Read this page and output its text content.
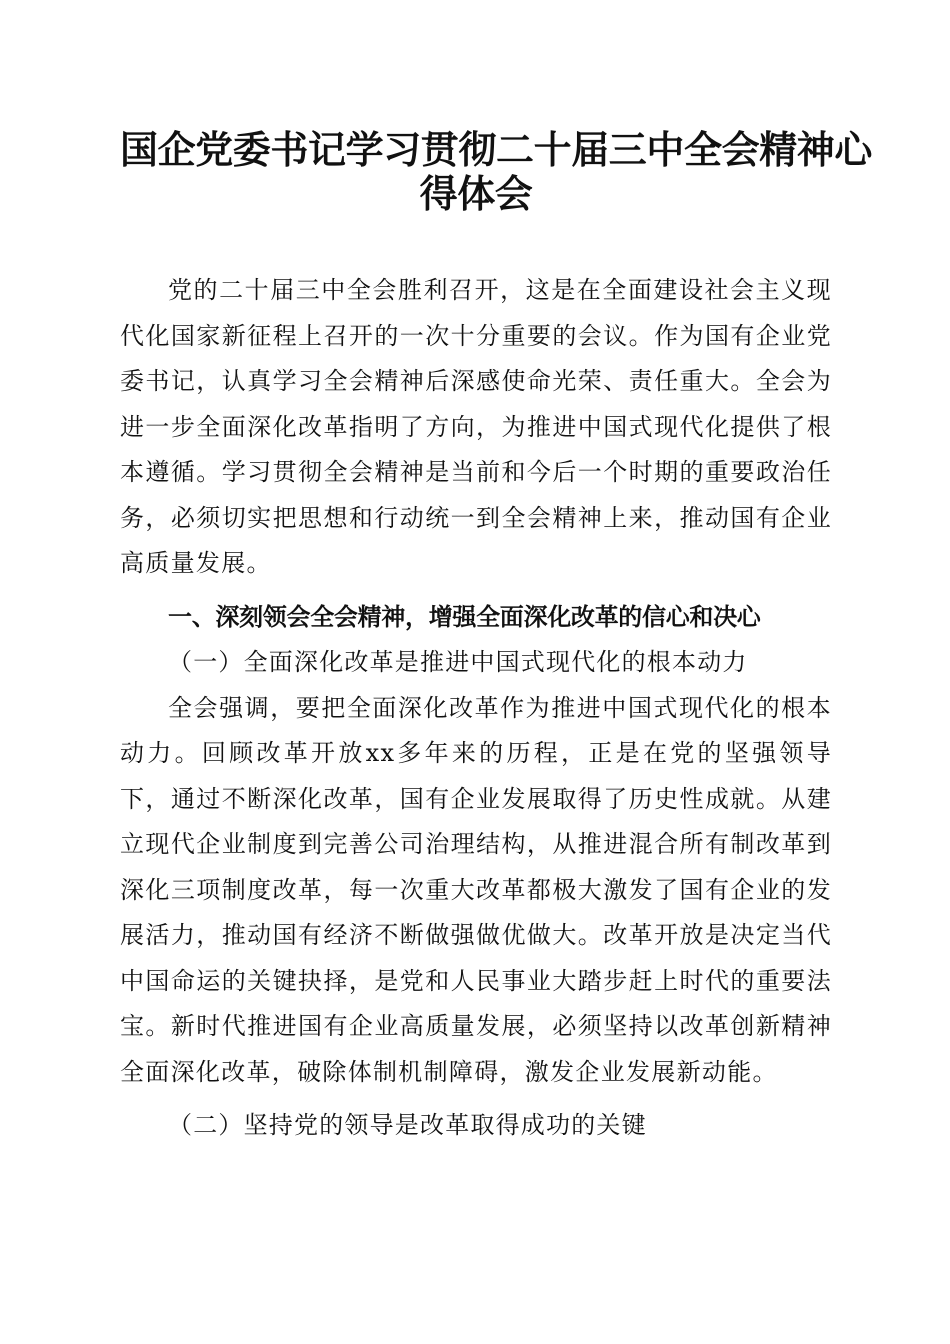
国企党委书记学习贯彻二十届三中全会精神心
得体会

党的二十届三中全会胜利召开，这是在全面建设社会主义现代化国家新征程上召开的一次十分重要的会议。作为国有企业党委书记，认真学习全会精神后深感使命光荣、责任重大。全会为进一步全面深化改革指明了方向，为推进中国式现代化提供了根本遵循。学习贯彻全会精神是当前和今后一个时期的重要政治任务，必须切实把思想和行动统一到全会精神上来，推动国有企业高质量发展。

一、深刻领会全会精神，增强全面深化改革的信心和决心

（一）全面深化改革是推进中国式现代化的根本动力

全会强调，要把全面深化改革作为推进中国式现代化的根本动力。回顾改革开放xx多年来的历程，正是在党的坚强领导下，通过不断深化改革，国有企业发展取得了历史性成就。从建立现代企业制度到完善公司治理结构，从推进混合所有制改革到深化三项制度改革，每一次重大改革都极大激发了国有企业的发展活力，推动国有经济不断做强做优做大。改革开放是决定当代中国命运的关键抉择，是党和人民事业大踏步赶上时代的重要法宝。新时代推进国有企业高质量发展，必须坚持以改革创新精神全面深化改革，破除体制机制障碍，激发企业发展新动能。

（二）坚持党的领导是改革取得成功的关键
